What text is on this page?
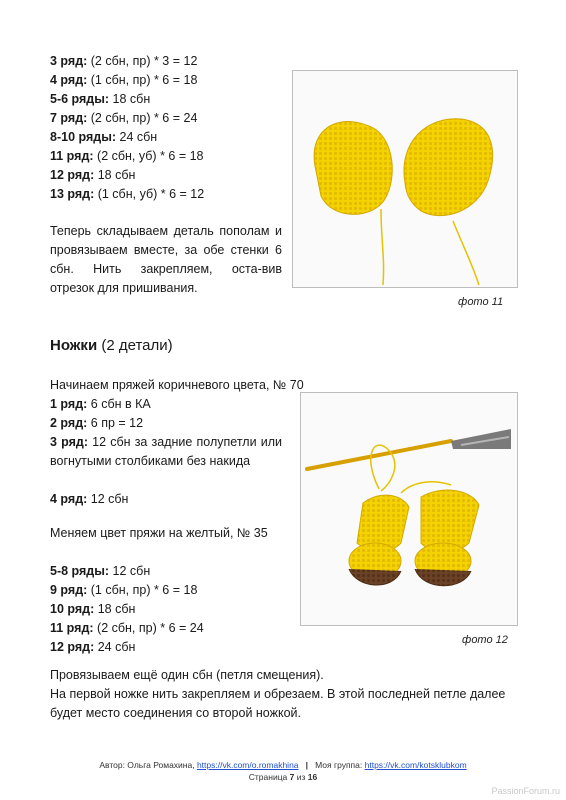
3 ряд: (2 сбн, пр) * 3 = 12
4 ряд: (1 сбн, пр) * 6 = 18
5-6 ряды: 18 сбн
7 ряд: (2 сбн, пр) * 6 = 24
8-10 ряды: 24 сбн
11 ряд: (2 сбн, уб) * 6 = 18
12 ряд: 18 сбн
13 ряд: (1 сбн, уб) * 6 = 12
Теперь складываем деталь пополам и провязываем вместе, за обе стенки 6 сбн. Нить закрепляем, оста-вив отрезок для пришивания.
фото 11
Ножки (2 детали)
Начинаем пряжей коричневого цвета, № 70
1 ряд: 6 сбн в КА
2 ряд: 6 пр = 12
3 ряд: 12 сбн за задние полупетли или вогнутыми столбиками без накида
4 ряд: 12 сбн
Меняем цвет пряжи на желтый, № 35
5-8 ряды: 12 сбн
9 ряд: (1 сбн, пр) * 6 = 18
10 ряд: 18 сбн
11 ряд: (2 сбн, пр) * 6 = 24
12 ряд: 24 сбн	фото 12
Провязываем ещё один сбн (петля смещения).
На первой ножке нить закрепляем и обрезаем. В этой последней петле далее будет место соединения со второй ножкой.
Автор: Ольга Ромахина, https://vk.com/o.romakhina | Моя группа: https://vk.com/kotsklubkom
Страница 7 из 16
PassionForum.ru
